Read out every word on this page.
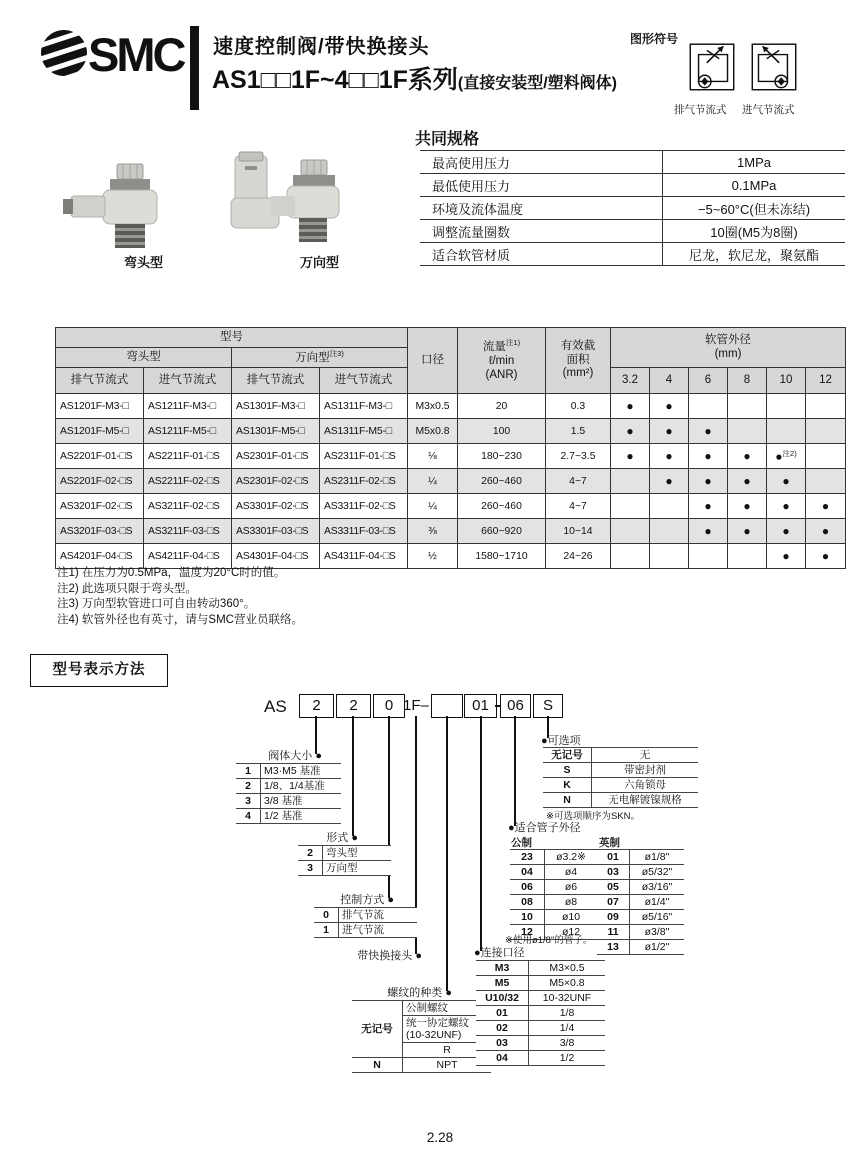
SMC 速度控制阀/带快换接头
AS1□□1F~4□□1F系列(直接安装型/塑料阀体)
图形符号
排气节流式 进气节流式
弯头型	万向型
共同规格
最高使用压力	1MPa
最低使用压力	0.1MPa
环境及流体温度	−5~60°C(但未冻结)
调整流量圈数	10圈(M5为8圈)
适合软管材质	尼龙，软尼龙，聚氨酯
型号				口径	流量$^{注1)}$
ℓ/min
(ANR)	有效截
面积
(mm²)	软管外径
(mm)					
弯头型		万向型$^{注3)}$
排气节流式	进气节流式	排气节流式	进气节流式				3.2	4	6	8	10	12
AS1201F-M3-□	AS1211F-M3-□	AS1301F-M3-□	AS1311F-M3-□	M3x0.5	20	0.3	●	●				
AS1201F-M5-□	AS1211F-M5-□	AS1301F-M5-□	AS1311F-M5-□	M5x0.8	100	1.5	●	●	●			
AS2201F-01-□S	AS2211F-01-□S	AS2301F-01-□S	AS2311F-01-□S	⅛	180~230	2.7~3.5	●	●	●	●	●$^{注2)}$	
AS2201F-02-□S	AS2211F-02-□S	AS2301F-02-□S	AS2311F-02-□S	¼	260~460	4~7		●	●	●	●	
AS3201F-02-□S	AS3211F-02-□S	AS3301F-02-□S	AS3311F-02-□S	¼	260~460	4~7			●	●	●	●
AS3201F-03-□S	AS3211F-03-□S	AS3301F-03-□S	AS3311F-03-□S	⅜	660~920	10~14			●	●	●	●
AS4201F-04-□S	AS4211F-04-□S	AS4301F-04-□S	AS4311F-04-□S	½	1580~1710	24~26					●	●
注1) 在压力为0.5MPa，温度为20°C时的值。
注2) 此选项只限于弯头型。
注3) 万向型软管进口可自由转动360°。
注4) 软管外径也有英寸，请与SMC营业员联络。
型号表示方法
AS	2	2	0 1F–	01	06	S
阀体大小 ●
1	M3·M5 基准
2	1/8、1/4基准
3	3/8 基准
4	1/2 基准
形式 ●
2	弯头型
3	万向型
控制方式 ●
0	排气节流
1	进气节流
带快换接头 ●
螺纹的种类 ●
无记号	公制螺纹
	统一协定螺纹
(10-32UNF)
	R
N	NPT
●连接口径
M3	M3×0.5
M5	M5×0.8
U10/32	10-32UNF
01	1/8
02	1/4
03	3/8
04	1/2
●可选项
无记号	无
S	带密封剂
K	六角锁母
N	无电解镀镍规格
※可选项顺序为SKN。
●适合管子外径
公制
23	ø3.2※
04	ø4
06	ø6
08	ø8
10	ø10
12	ø12
※使用ø1/8"的管子。
英制
01	ø1/8"
03	ø5/32"
05	ø3/16"
07	ø1/4"
09	ø5/16"
11	ø3/8"
13	ø1/2"
2.28
